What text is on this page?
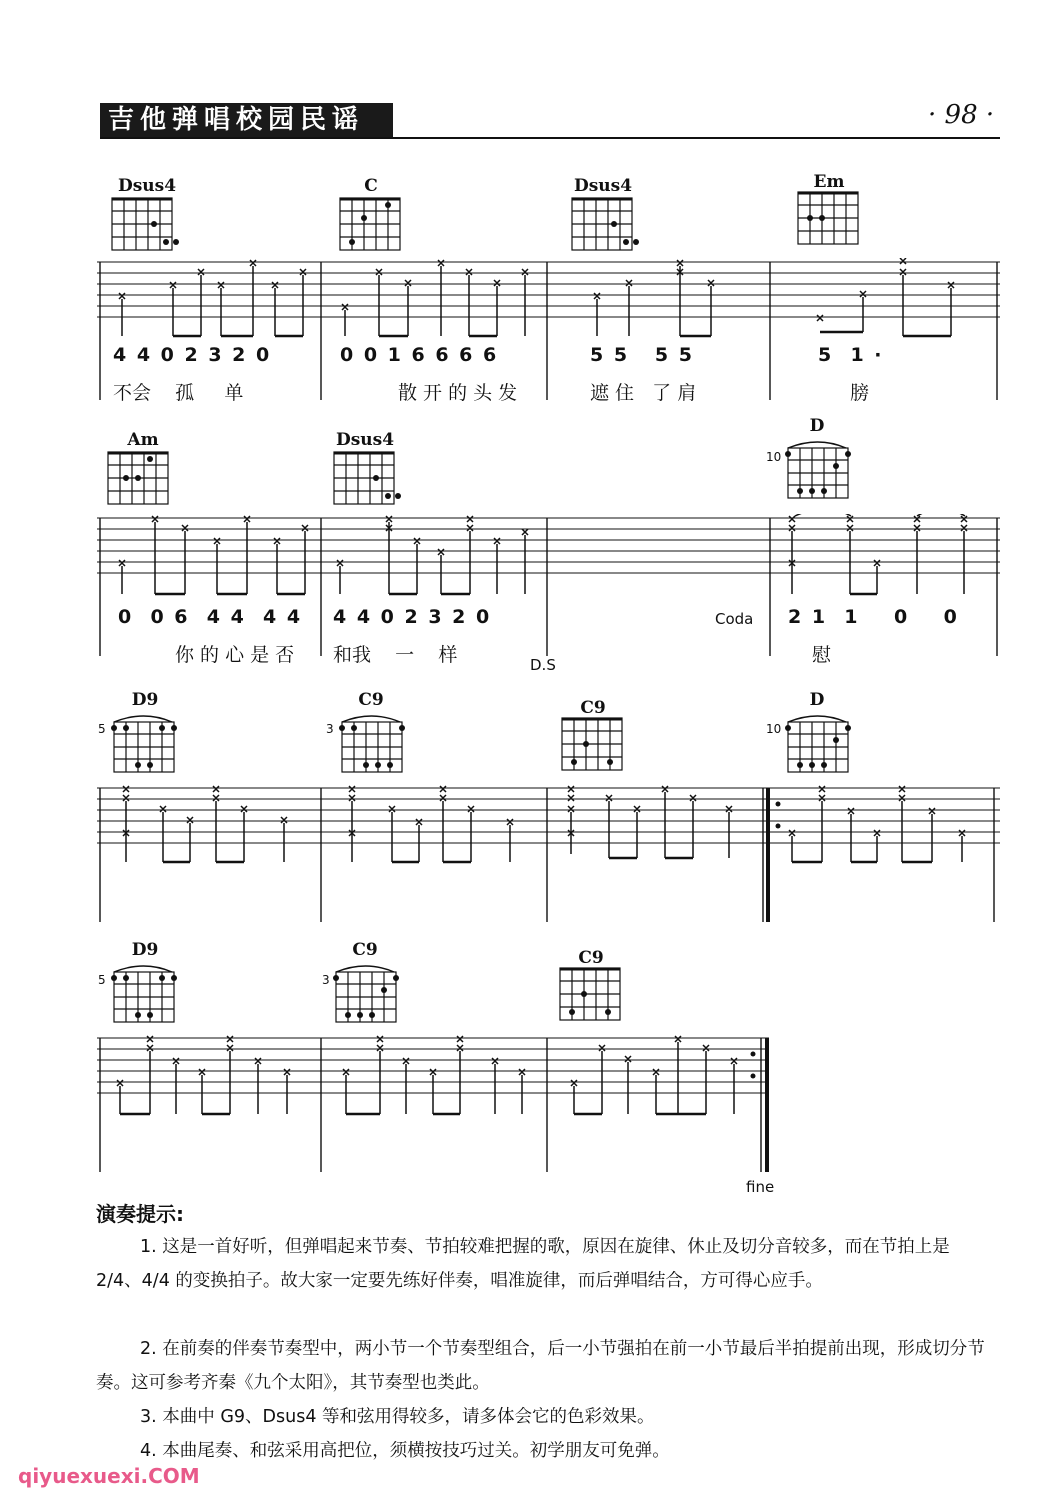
吉他弹唱校园民谣	· 98 ·
Dsus4	C	Dsus4	Em
4 4 0 2 3 2 0	0 0 1 6 6 6 6	5 5   5 5	5  1 ·
不会    孤     单	散 开 的 头 发	遮 住   了 肩	膀
Am	Dsus4
D
10
0  0 6  4 4  4 4 4 4 0 2 3 2 0	2 1  1    0    0
Coda
你 的 心 是 否 和我    一    样	慰
D.S
D9
5
C9
3
C9	D
10
D9
5
C9
3
C9
fine
演奏提示:
1. 这是一首好听，但弹唱起来节奏、节拍较难把握的歌，原因在旋律、休止及切分音较多，而在节拍上是 2/4、4/4 的变换拍子。故大家一定要先练好伴奏，唱准旋律，而后弹唱结合，方可得心应手。
2. 在前奏的伴奏节奏型中，两小节一个节奏型组合，后一小节强拍在前一小节最后半拍提前出现，形成切分节奏。这可参考齐秦《九个太阳》，其节奏型也类此。
3. 本曲中 G9、Dsus4 等和弦用得较多，请多体会它的色彩效果。
4. 本曲尾奏、和弦采用高把位，须横按技巧过关。初学朋友可免弹。
qiyuexuexi.COM
